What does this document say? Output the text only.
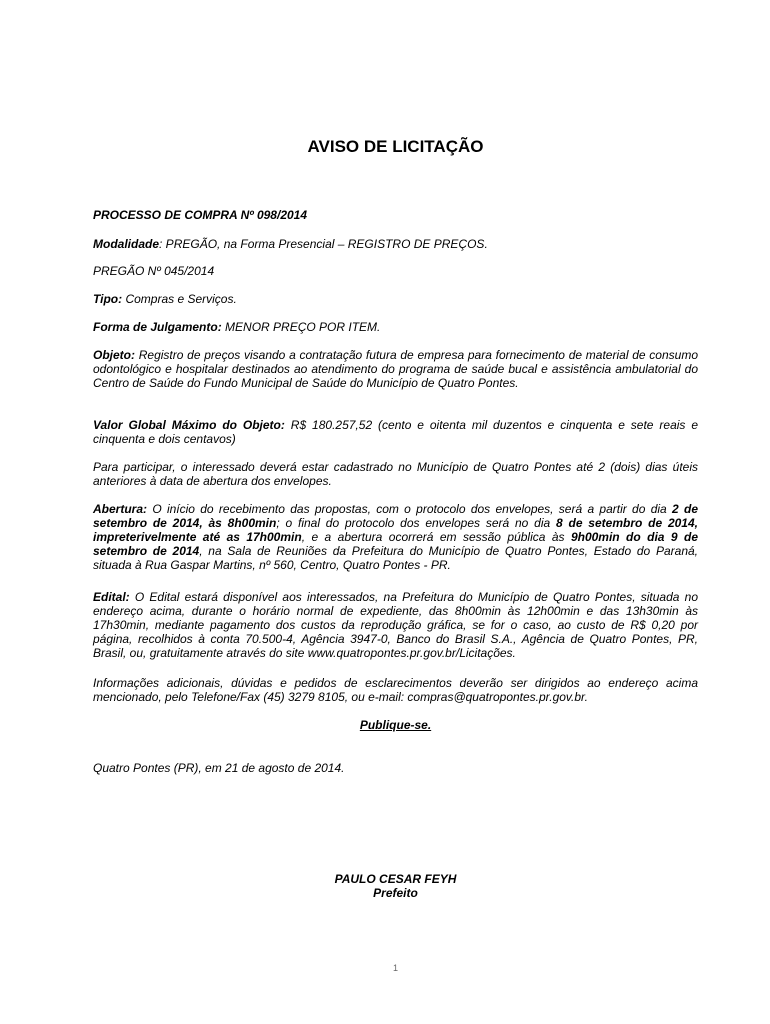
AVISO DE LICITAÇÃO
PROCESSO DE COMPRA Nº 098/2014
Modalidade: PREGÃO, na Forma Presencial – REGISTRO DE PREÇOS.
PREGÃO Nº 045/2014
Tipo: Compras e Serviços.
Forma de Julgamento: MENOR PREÇO POR ITEM.
Objeto: Registro de preços visando a contratação futura de empresa para fornecimento de material de consumo odontológico e hospitalar destinados ao atendimento do programa de saúde bucal e assistência ambulatorial do Centro de Saúde do Fundo Municipal de Saúde do Município de Quatro Pontes.
Valor Global Máximo do Objeto: R$ 180.257,52 (cento e oitenta mil duzentos e cinquenta e sete reais e cinquenta e dois centavos)
Para participar, o interessado deverá estar cadastrado no Município de Quatro Pontes até 2 (dois) dias úteis anteriores à data de abertura dos envelopes.
Abertura: O início do recebimento das propostas, com o protocolo dos envelopes, será a partir do dia 2 de setembro de 2014, às 8h00min; o final do protocolo dos envelopes será no dia 8 de setembro de 2014, impreterivelmente até as 17h00min, e a abertura ocorrerá em sessão pública às 9h00min do dia 9 de setembro de 2014, na Sala de Reuniões da Prefeitura do Município de Quatro Pontes, Estado do Paraná, situada à Rua Gaspar Martins, nº 560, Centro, Quatro Pontes - PR.
Edital: O Edital estará disponível aos interessados, na Prefeitura do Município de Quatro Pontes, situada no endereço acima, durante o horário normal de expediente, das 8h00min às 12h00min e das 13h30min às 17h30min, mediante pagamento dos custos da reprodução gráfica, se for o caso, ao custo de R$ 0,20 por página, recolhidos à conta 70.500-4, Agência 3947-0, Banco do Brasil S.A., Agência de Quatro Pontes, PR, Brasil, ou, gratuitamente através do site www.quatropontes.pr.gov.br/Licitações.
Informações adicionais, dúvidas e pedidos de esclarecimentos deverão ser dirigidos ao endereço acima mencionado, pelo Telefone/Fax (45) 3279 8105, ou e-mail: compras@quatropontes.pr.gov.br.
Publique-se.
Quatro Pontes (PR), em 21 de agosto de 2014.
PAULO CESAR FEYH
Prefeito
1
